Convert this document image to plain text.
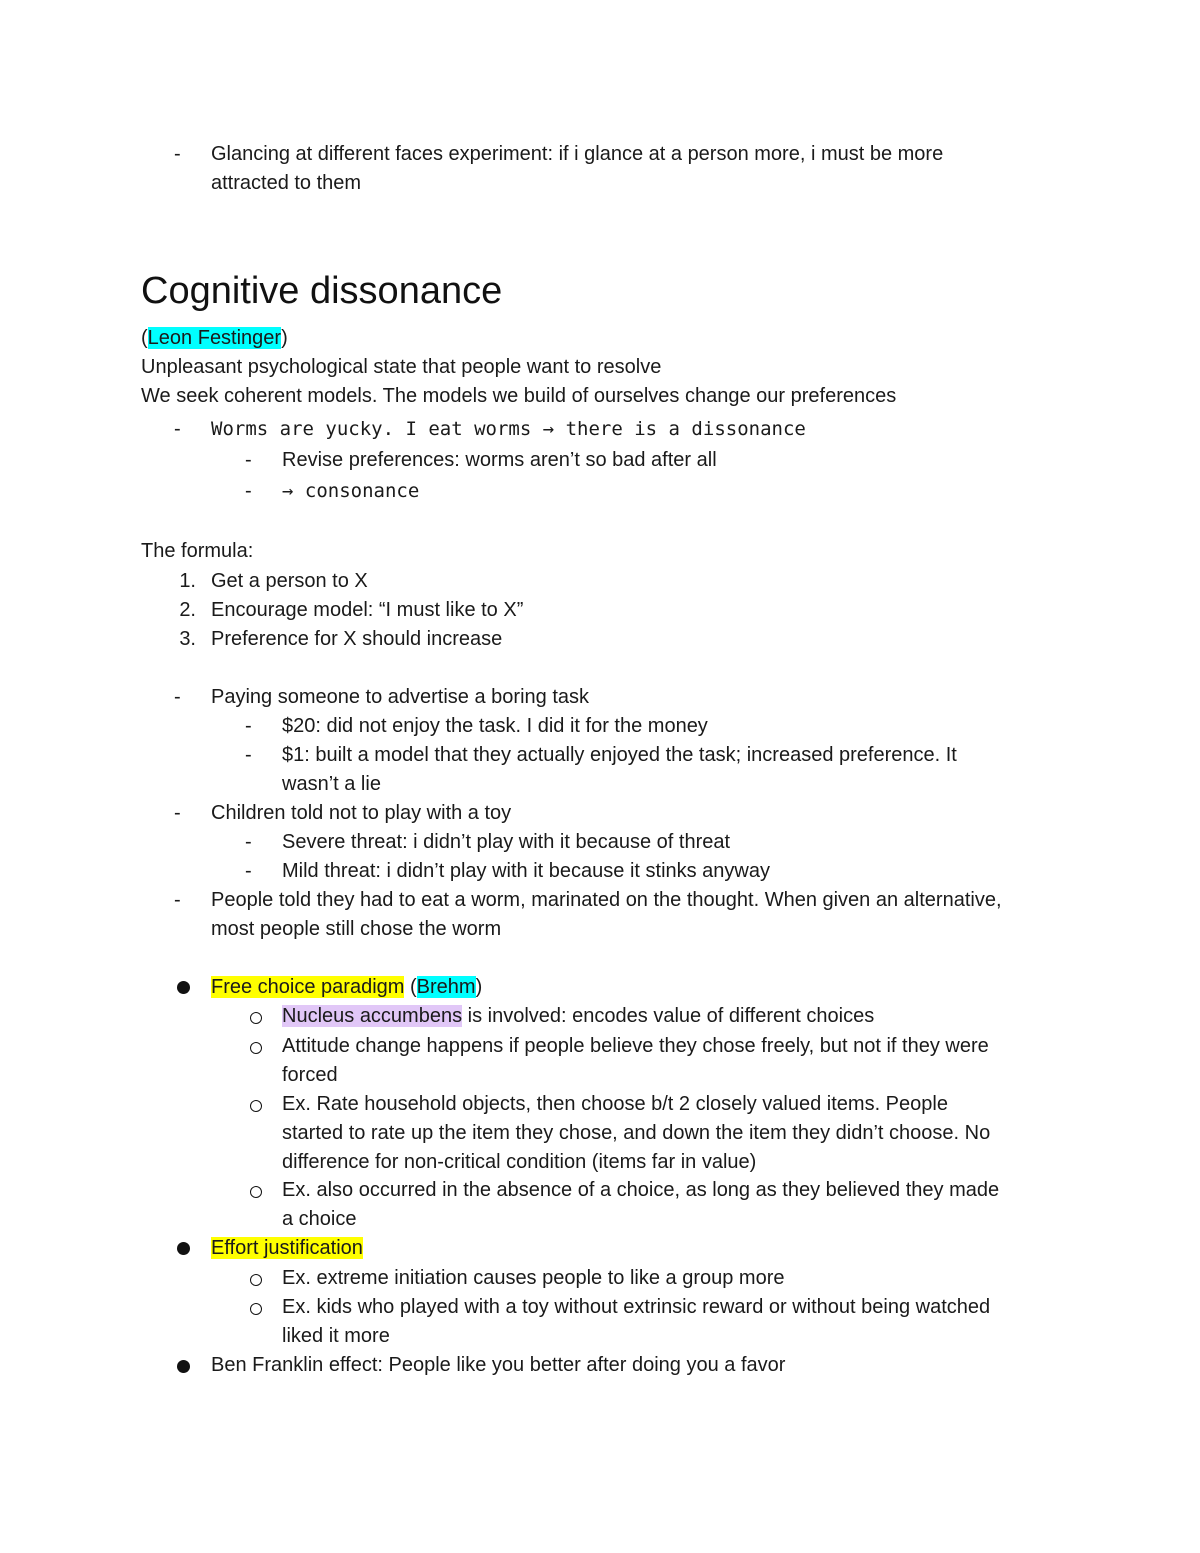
- Glancing at different faces experiment: if i glance at a person more, i must be more
attracted to them
Cognitive dissonance
(Leon Festinger)
Unpleasant psychological state that people want to resolve
We seek coherent models. The models we build of ourselves change our preferences
- Worms are yucky. I eat worms → there is a dissonance
- Revise preferences: worms aren’t so bad after all
- → consonance
The formula:
1. Get a person to X
2. Encourage model: “I must like to X”
3. Preference for X should increase
- Paying someone to advertise a boring task
- $20: did not enjoy the task. I did it for the money
- $1: built a model that they actually enjoyed the task; increased preference. It
wasn’t a lie
- Children told not to play with a toy
- Severe threat: i didn’t play with it because of threat
- Mild threat: i didn’t play with it because it stinks anyway
- People told they had to eat a worm, marinated on the thought. When given an alternative,
most people still chose the worm
Free choice paradigm (Brehm)
Nucleus accumbens is involved: encodes value of different choices
Attitude change happens if people believe they chose freely, but not if they were
forced
Ex. Rate household objects, then choose b/t 2 closely valued items. People
started to rate up the item they chose, and down the item they didn’t choose. No
difference for non-critical condition (items far in value)
Ex. also occurred in the absence of a choice, as long as they believed they made
a choice
Effort justification
Ex. extreme initiation causes people to like a group more
Ex. kids who played with a toy without extrinsic reward or without being watched
liked it more
Ben Franklin effect: People like you better after doing you a favor
